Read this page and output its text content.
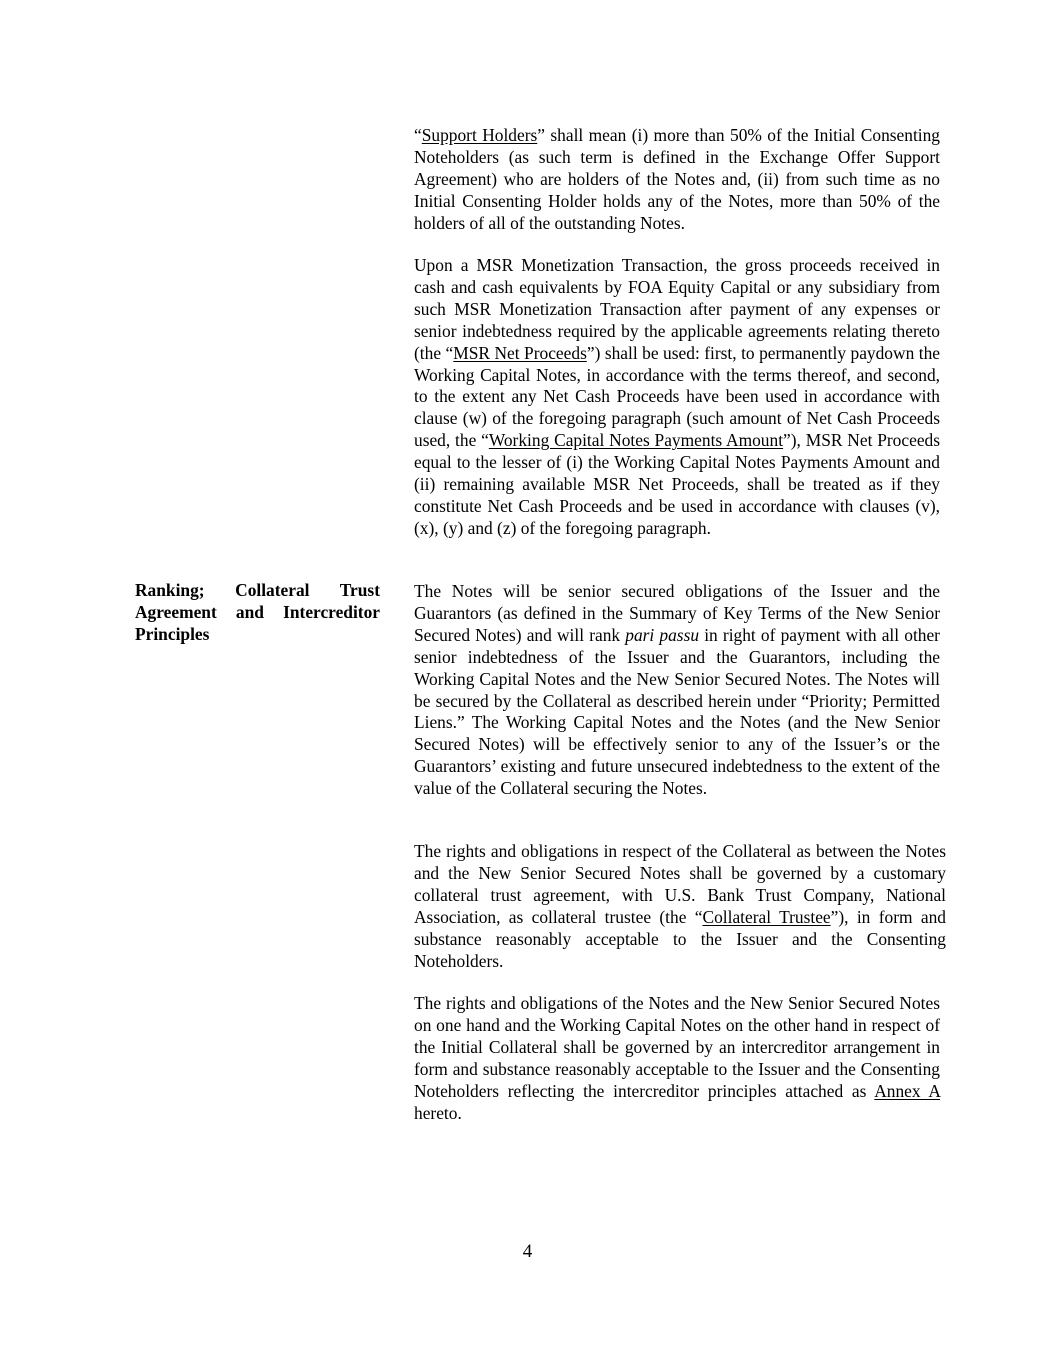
“Support Holders” shall mean (i) more than 50% of the Initial Consenting Noteholders (as such term is defined in the Exchange Offer Support Agreement) who are holders of the Notes and, (ii) from such time as no Initial Consenting Holder holds any of the Notes, more than 50% of the holders of all of the outstanding Notes.

Upon a MSR Monetization Transaction, the gross proceeds received in cash and cash equivalents by FOA Equity Capital or any subsidiary from such MSR Monetization Transaction after payment of any expenses or senior indebtedness required by the applicable agreements relating thereto (the “MSR Net Proceeds”) shall be used: first, to permanently paydown the Working Capital Notes, in accordance with the terms thereof, and second, to the extent any Net Cash Proceeds have been used in accordance with clause (w) of the foregoing paragraph (such amount of Net Cash Proceeds used, the “Working Capital Notes Payments Amount”), MSR Net Proceeds equal to the lesser of (i) the Working Capital Notes Payments Amount and (ii) remaining available MSR Net Proceeds, shall be treated as if they constitute Net Cash Proceeds and be used in accordance with clauses (v), (x), (y) and (z) of the foregoing paragraph.

Ranking; Collateral Trust
Agreement and Intercreditor
Principles

The Notes will be senior secured obligations of the Issuer and the Guarantors (as defined in the Summary of Key Terms of the New Senior Secured Notes) and will rank pari passu in right of payment with all other senior indebtedness of the Issuer and the Guarantors, including the Working Capital Notes and the New Senior Secured Notes. The Notes will be secured by the Collateral as described herein under “Priority; Permitted Liens.” The Working Capital Notes and the Notes (and the New Senior Secured Notes) will be effectively senior to any of the Issuer’s or the Guarantors’ existing and future unsecured indebtedness to the extent of the value of the Collateral securing the Notes.

The rights and obligations in respect of the Collateral as between the Notes and the New Senior Secured Notes shall be governed by a customary collateral trust agreement, with U.S. Bank Trust Company, National Association, as collateral trustee (the “Collateral Trustee”), in form and substance reasonably acceptable to the Issuer and the Consenting Noteholders.

The rights and obligations of the Notes and the New Senior Secured Notes on one hand and the Working Capital Notes on the other hand in respect of the Initial Collateral shall be governed by an intercreditor arrangement in form and substance reasonably acceptable to the Issuer and the Consenting Noteholders reflecting the intercreditor principles attached as Annex A hereto.

4
